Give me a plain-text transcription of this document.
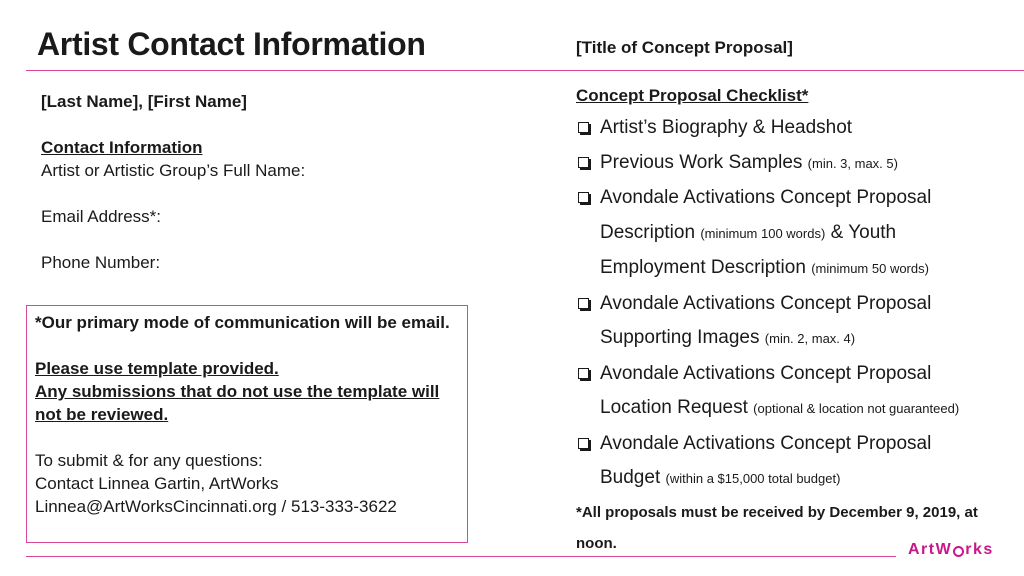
Artist Contact Information	[Title of Concept Proposal]
[Last Name], [First Name]
Contact Information
Artist or Artistic Group’s Full Name:
Email Address*:
Phone Number:
*Our primary mode of communication will be email.
Please use template provided.
Any submissions that do not use the template will not be reviewed.
To submit & for any questions:
Contact Linnea Gartin, ArtWorks
Linnea@ArtWorksCincinnati.org / 513-333-3622
Concept Proposal Checklist*
Artist’s Biography & Headshot
Previous Work Samples (min. 3, max. 5)
Avondale Activations Concept Proposal Description (minimum 100 words) & Youth Employment Description (minimum 50 words)
Avondale Activations Concept Proposal Supporting Images (min. 2, max. 4)
Avondale Activations Concept Proposal Location Request (optional & location not guaranteed)
Avondale Activations Concept Proposal Budget (within a $15,000 total budget)
*All proposals must be received by December 9, 2019, at noon.	ArtW rks
